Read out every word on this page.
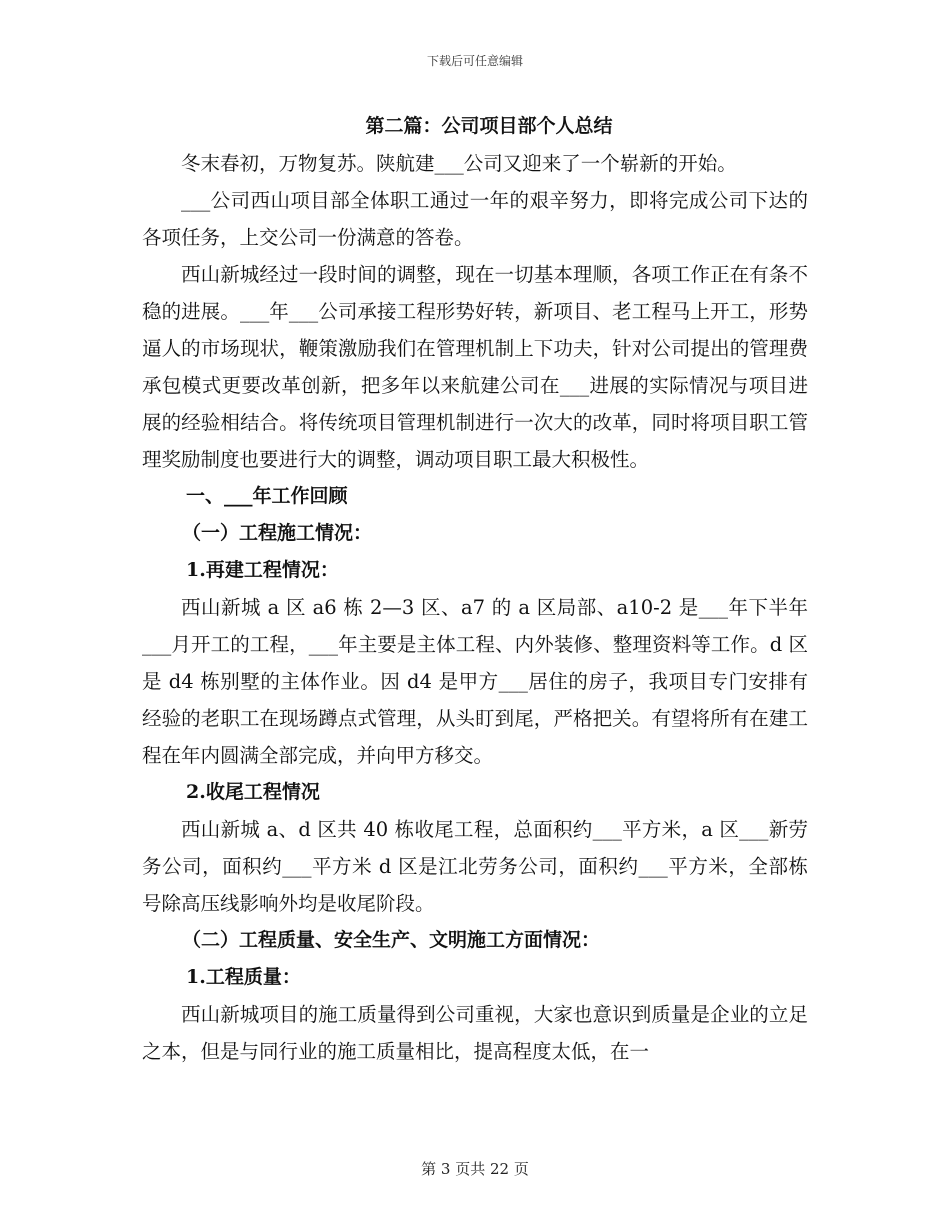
下载后可任意编辑
第二篇：公司项目部个人总结

冬末春初，万物复苏。陕航建___公司又迎来了一个崭新的开始。

___公司西山项目部全体职工通过一年的艰辛努力，即将完成公司下达的各项任务，上交公司一份满意的答卷。

西山新城经过一段时间的调整，现在一切基本理顺，各项工作正在有条不稳的进展。___年___公司承接工程形势好转，新项目、老工程马上开工，形势逼人的市场现状，鞭策激励我们在管理机制上下功夫，针对公司提出的管理费承包模式更要改革创新，把多年以来航建公司在___进展的实际情况与项目进展的经验相结合。将传统项目管理机制进行一次大的改革，同时将项目职工管理奖励制度也要进行大的调整，调动项目职工最大积极性。

一、___年工作回顾

（一）工程施工情况：

1.再建工程情况：

西山新城 a 区 a6 栋 2—3 区、a7 的 a 区局部、a10-2 是___年下半年___月开工的工程，___年主要是主体工程、内外装修、整理资料等工作。d 区是 d4 栋别墅的主体作业。因 d4 是甲方___居住的房子，我项目专门安排有经验的老职工在现场蹲点式管理，从头盯到尾，严格把关。有望将所有在建工程在年内圆满全部完成，并向甲方移交。

2.收尾工程情况

西山新城 a、d 区共 40 栋收尾工程，总面积约___平方米，a 区___新劳务公司，面积约___平方米 d 区是江北劳务公司，面积约___平方米，全部栋号除高压线影响外均是收尾阶段。

（二）工程质量、安全生产、文明施工方面情况：

1.工程质量：

西山新城项目的施工质量得到公司重视，大家也意识到质量是企业的立足之本，但是与同行业的施工质量相比，提高程度太低，在一

第 3 页共 22 页
